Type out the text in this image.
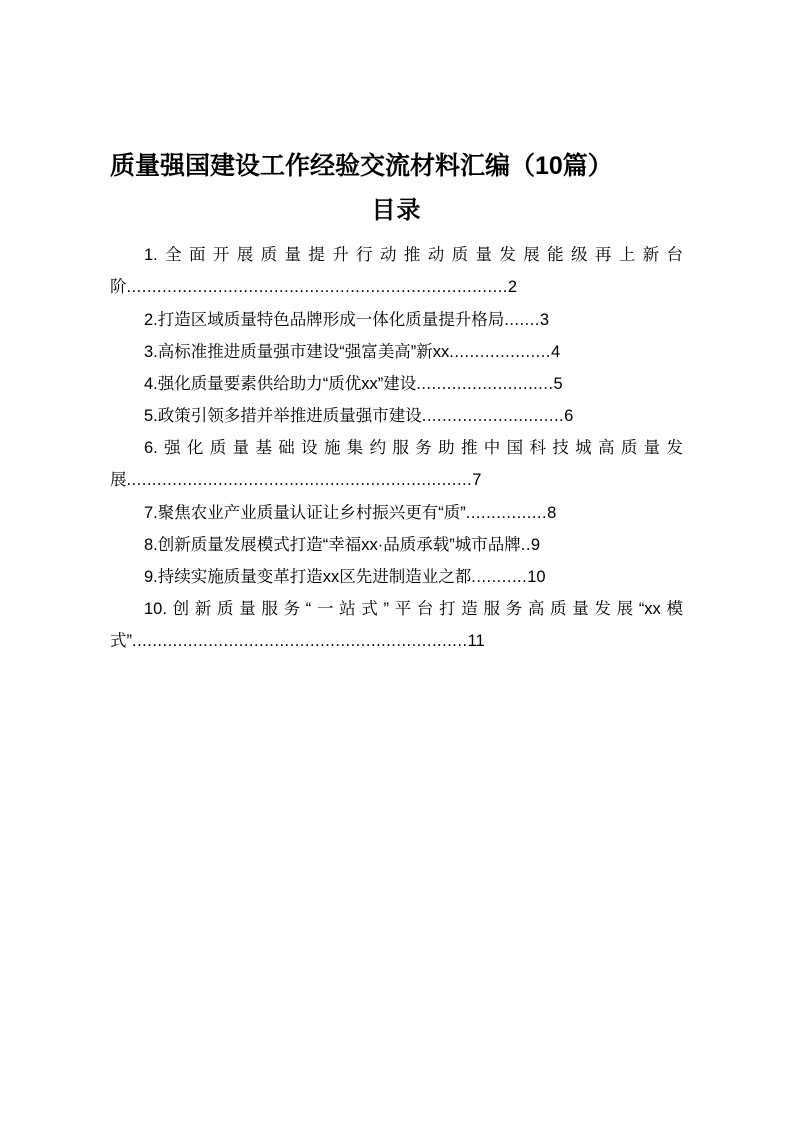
质量强国建设工作经验交流材料汇编（10篇）
目录

1.全面开展质量提升行动推动质量发展能级再上新台阶...........................................................................2

2.打造区域质量特色品牌形成一体化质量提升格局.......3

3.高标准推进质量强市建设“强富美高”新xx....................4

4.强化质量要素供给助力“质优xx”建设...........................5

5.政策引领多措并举推进质量强市建设............................6

6.强化质量基础设施集约服务助推中国科技城高质量发展....................................................................7

7.聚焦农业产业质量认证让乡村振兴更有“质”................8

8.创新质量发展模式打造“幸福xx·品质承载”城市品牌..9

9.持续实施质量变革打造xx区先进制造业之都...........10

10.创新质量服务“一站式”平台打造服务高质量发展“xx模式”..................................................................11
